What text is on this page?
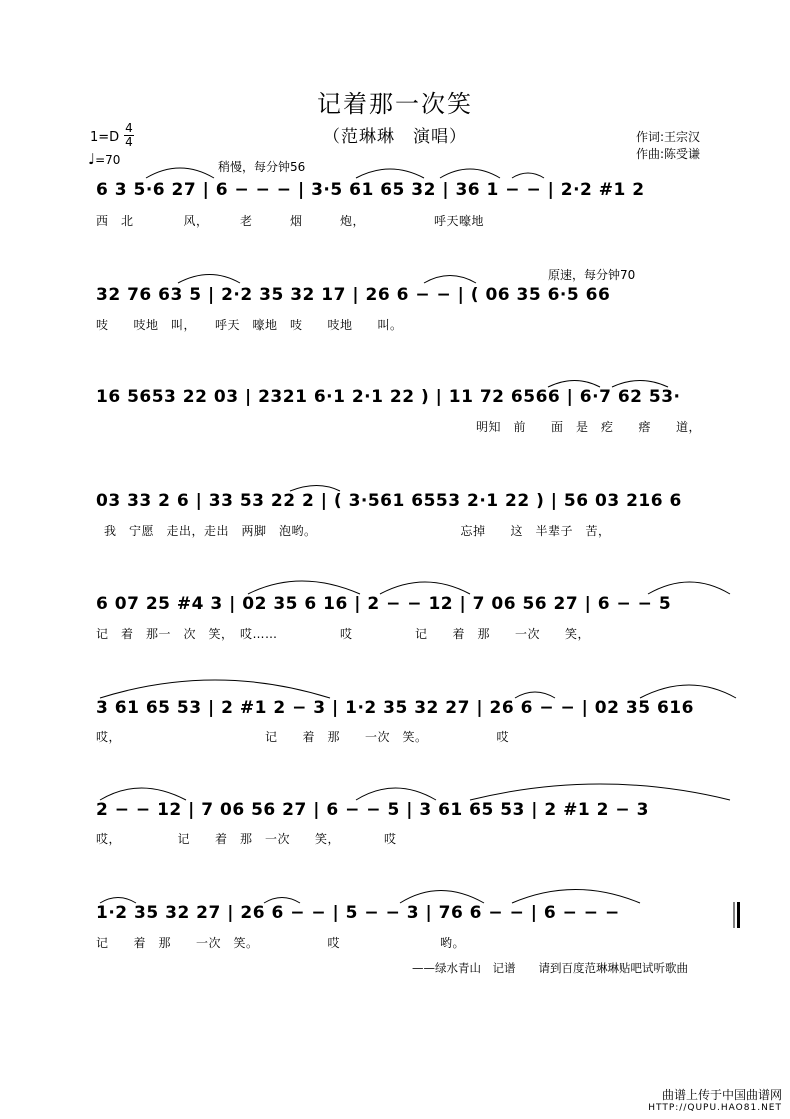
记着那一次笑
（范琳琳　演唱）
1=D
4
4
♩=70
作词:王宗汉
作曲:陈受谦
稍慢，每分钟56
6 3 5·6 27 | 6 − − − | 3·5 61 65 32 | 36 1 − − | 2·2 #1 2
西　北　　　　风，　　　老　　　烟　　　炮，　　　　　　呼天嚎地
原速，每分钟70
32 76 63 5 | 2·2 35 32 17 | 26 6 − − | ( 06 35 6·5 66
吱　　吱地　叫，　　呼天　嚎地　吱　　吱地　　叫。
16 5653 22 03 | 2321 6·1 2·1 22 ) | 11 72 6566 | 6·7 62 53·
明知　前　　面　是　疙　　瘩　　道，
03 33 2 6 | 33 53 22 2 | ( 3·561 6553 2·1 22 ) | 56 03 216 6
我　宁愿　走出，走出　两脚　泡哟。　　　　　　　　　　　　忘掉　　这　半辈子　苦，
6 07 25 #4 3 | 02 35 6 16 | 2 − − 12 | 7 06 56 27 | 6 − − 5
记　着　那一　次　笑，　哎……　　　　　哎　　　　　记　　着　那　　一次　　笑，
3 61 65 53 | 2 #1 2 − 3 | 1·2 35 32 27 | 26 6 − − | 02 35 616
哎，　　　　　　　　　　　　记　　着　那　　一次　笑。　　　　　　哎
2 − − 12 | 7 06 56 27 | 6 − − 5 | 3 61 65 53 | 2 #1 2 − 3
哎，　　　　　记　　着　那　一次　　笑，　　　　哎
1·2 35 32 27 | 26 6 − − | 5 − − 3 | 76 6 − − | 6 − − −
记　　着　那　　一次　笑。　　　　　　哎　　　　　　　　哟。
——绿水青山　记谱　　请到百度范琳琳贴吧试听歌曲
曲谱上传于中国曲谱网
HTTP://QUPU.HAO81.NET
